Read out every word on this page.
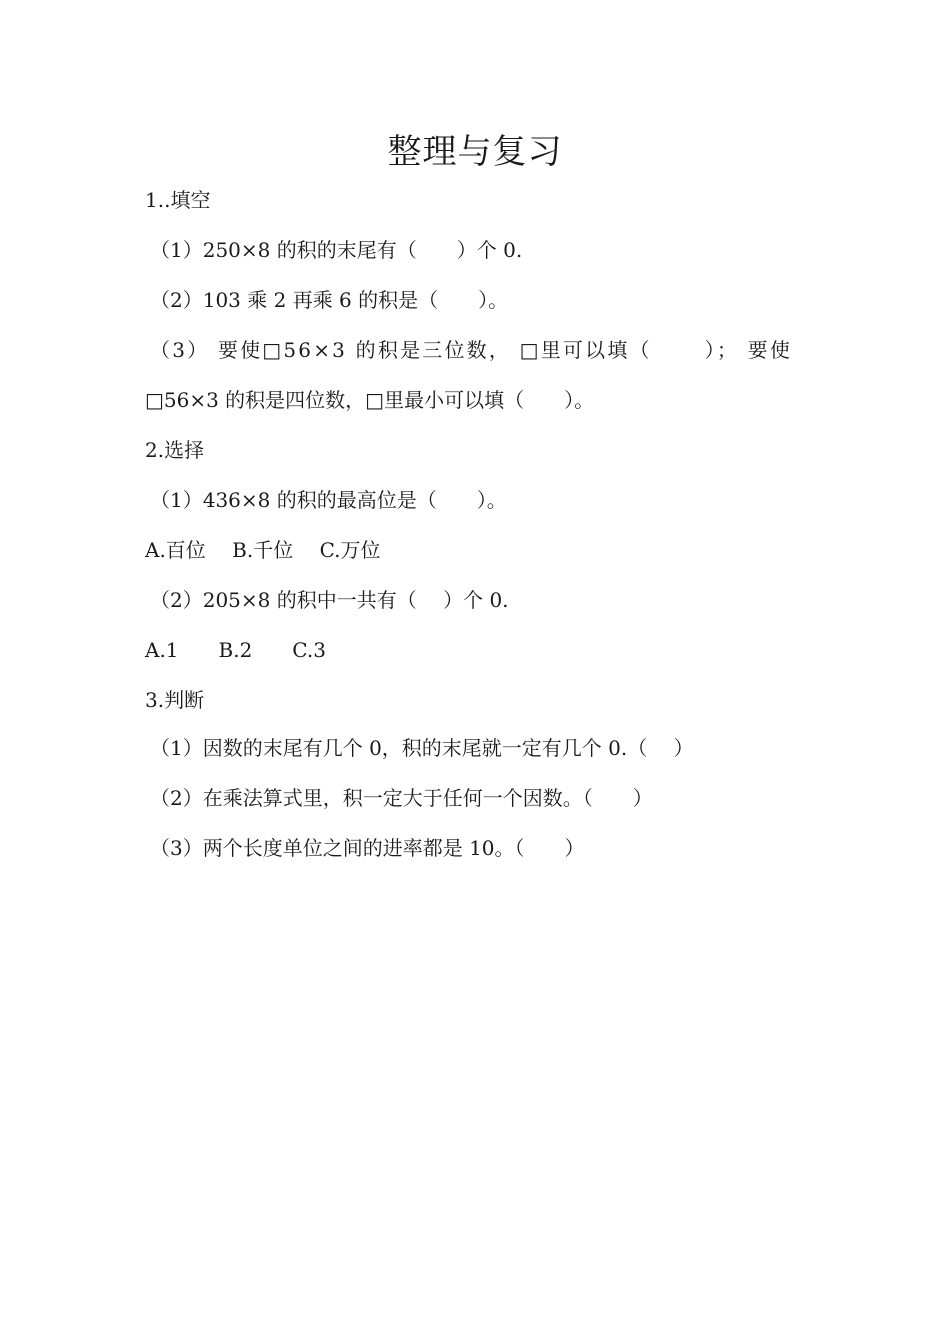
整理与复习
1..填空
（1）250×8 的积的末尾有（　　）个 0.
（2）103 乘 2 再乘 6 的积是（　　）。
（3） 要使□56×3 的积是三位数， □里可以填（　　 ）； 要使
□56×3 的积是四位数，□里最小可以填（　　）。
2.选择
（1）436×8 的积的最高位是（　　）。
A.百位　 B.千位　 C.万位
（2）205×8 的积中一共有（　 ）个 0.
A.1　　B.2　　C.3
3.判断
（1）因数的末尾有几个 0，积的末尾就一定有几个 0.（　 ）
（2）在乘法算式里，积一定大于任何一个因数。（　　）
（3）两个长度单位之间的进率都是 10。（　　）
